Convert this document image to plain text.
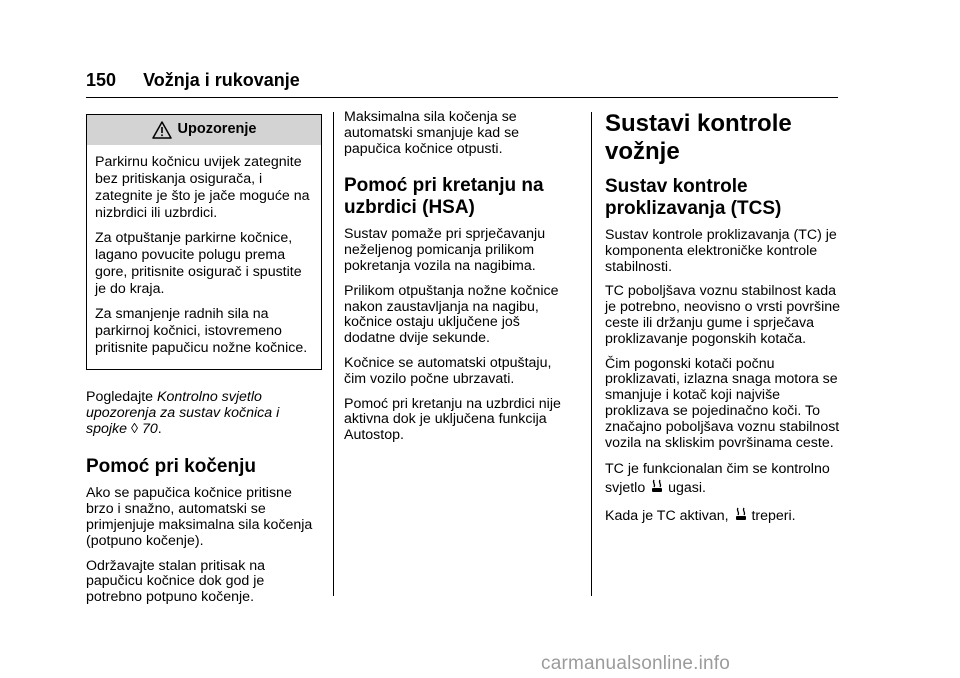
150 Vožnja i rukovanje
Upozorenje

Parkirnu kočnicu uvijek zategnite bez pritiskanja osigurača, i zategnite je što je jače moguće na nizbrdici ili uzbrdici.

Za otpuštanje parkirne kočnice, lagano povucite polugu prema gore, pritisnite osigurač i spustite je do kraja.

Za smanjenje radnih sila na parkirnoj kočnici, istovremeno pritisnite papučicu nožne kočnice.

Pogledajte Kontrolno svjetlo upozorenja za sustav kočnica i spojke ◊ 70.

Pomoć pri kočenju

Ako se papučica kočnice pritisne brzo i snažno, automatski se primjenjuje maksimalna sila kočenja (potpuno kočenje).

Održavajte stalan pritisak na papučicu kočnice dok god je potrebno potpuno kočenje.

Maksimalna sila kočenja se automatski smanjuje kad se papučica kočnice otpusti.

Pomoć pri kretanju na uzbrdici (HSA)

Sustav pomaže pri sprječavanju neželjenog pomicanja prilikom pokretanja vozila na nagibima.

Prilikom otpuštanja nožne kočnice nakon zaustavljanja na nagibu, kočnice ostaju uključene još dodatne dvije sekunde.

Kočnice se automatski otpuštaju, čim vozilo počne ubrzavati.

Pomoć pri kretanju na uzbrdici nije aktivna dok je uključena funkcija Autostop.

Sustavi kontrole vožnje
Sustav kontrole proklizavanja (TCS)

Sustav kontrole proklizavanja (TC) je komponenta elektroničke kontrole stabilnosti.

TC poboljšava voznu stabilnost kada je potrebno, neovisno o vrsti površine ceste ili držanju gume i sprječava proklizavanje pogonskih kotača.

Čim pogonski kotači počnu proklizavati, izlazna snaga motora se smanjuje i kotač koji najviše proklizava se pojedinačno koči. To značajno poboljšava voznu stabilnost vozila na skliskim površinama ceste.

TC je funkcionalan čim se kontrolno svjetlo ugasi.

Kada je TC aktivan, treperi.

carmanualsonline.info
